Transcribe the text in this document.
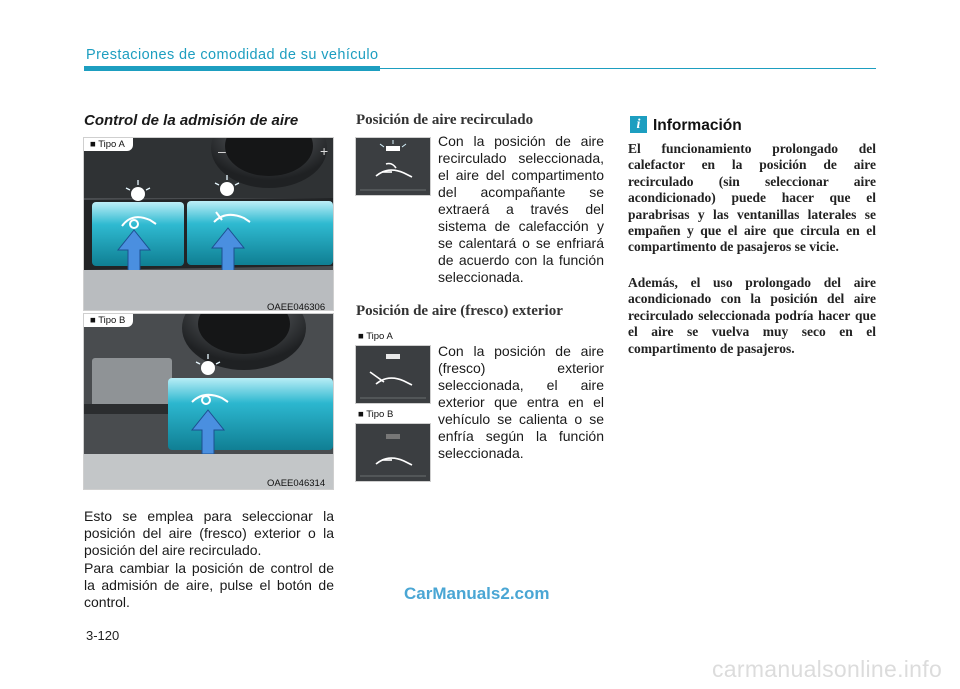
Prestaciones de comodidad de su vehículo
Control de la admisión de aire
–	+
■ Tipo A
OAEE046306
■ Tipo B
OAEE046314
Esto se emplea para seleccionar la posición del aire (fresco) exterior o la posición del aire recirculado.
Para cambiar la posición de control de la admisión de aire, pulse el botón de control.
Posición de aire recirculado
Con la posición de aire recirculado seleccionada, el aire del compartimento del acompañante se extraerá a través del sistema de calefacción y se calentará o se enfriará de acuerdo con la función seleccionada.
Posición de aire (fresco) exterior
■ Tipo A
■ Tipo B
Con la posición de aire (fresco) exterior seleccionada, el aire exterior que entra en el vehículo se calienta o se enfría según la función seleccionada.
i Información
El funcionamiento prolongado del calefactor en la posición de aire recirculado (sin seleccionar aire acondicionado) puede hacer que el parabrisas y las ventanillas laterales se empañen y que el aire que circula en el compartimento de pasajeros se vicie.
Además, el uso prolongado del aire acondicionado con la posición del aire recirculado seleccionada podría hacer que el aire se vuelva muy seco en el compartimento de pasajeros.
CarManuals2.com
3-120
carmanualsonline.info
